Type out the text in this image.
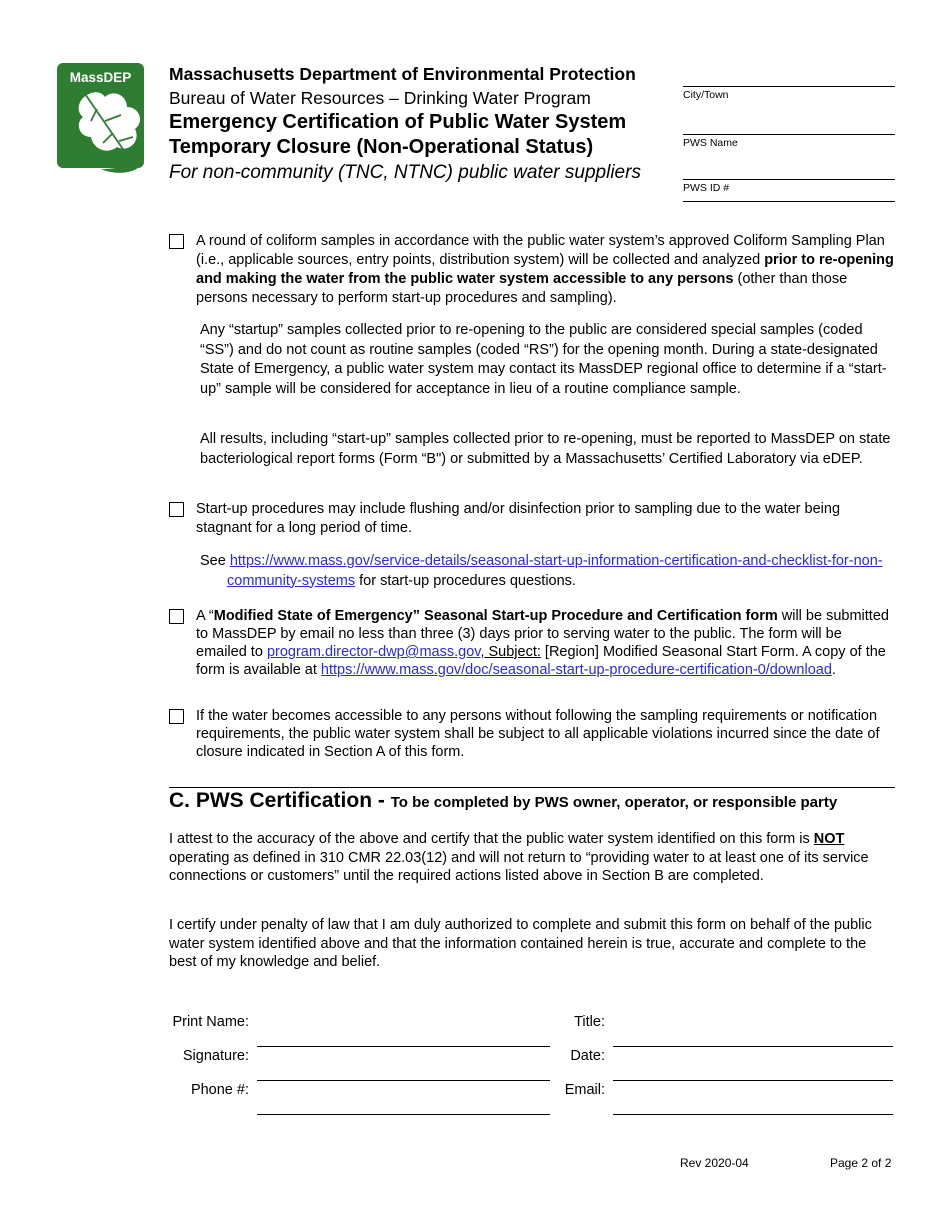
MassDEP Massachusetts Department of Environmental Protection
Bureau of Water Resources – Drinking Water Program
Emergency Certification of Public Water System
Temporary Closure (Non-Operational Status)
For non-community (TNC, NTNC) public water suppliers
City/Town
PWS Name
PWS ID #
A round of coliform samples in accordance with the public water system’s approved Coliform Sampling Plan (i.e., applicable sources, entry points, distribution system) will be collected and analyzed prior to re-opening and making the water from the public water system accessible to any persons (other than those persons necessary to perform start-up procedures and sampling).
Any “startup” samples collected prior to re-opening to the public are considered special samples (coded “SS”) and do not count as routine samples (coded “RS”) for the opening month. During a state-designated State of Emergency, a public water system may contact its MassDEP regional office to determine if a “start-up” sample will be considered for acceptance in lieu of a routine compliance sample.
All results, including “start-up” samples collected prior to re-opening, must be reported to MassDEP on state bacteriological report forms (Form “B") or submitted by a Massachusetts’ Certified Laboratory via eDEP.
Start-up procedures may include flushing and/or disinfection prior to sampling due to the water being stagnant for a long period of time.
See https://www.mass.gov/service-details/seasonal-start-up-information-certification-and-checklist-for-non-community-systems for start-up procedures questions.
A “Modified State of Emergency” Seasonal Start-up Procedure and Certification form will be submitted to MassDEP by email no less than three (3) days prior to serving water to the public. The form will be emailed to program.director-dwp@mass.gov, Subject: [Region] Modified Seasonal Start Form. A copy of the form is available at https://www.mass.gov/doc/seasonal-start-up-procedure-certification-0/download.
If the water becomes accessible to any persons without following the sampling requirements or notification requirements, the public water system shall be subject to all applicable violations incurred since the date of closure indicated in Section A of this form.
C. PWS Certification - To be completed by PWS owner, operator, or responsible party
I attest to the accuracy of the above and certify that the public water system identified on this form is NOT operating as defined in 310 CMR 22.03(12) and will not return to “providing water to at least one of its service connections or customers” until the required actions listed above in Section B are completed.
I certify under penalty of law that I am duly authorized to complete and submit this form on behalf of the public water system identified above and that the information contained herein is true, accurate and complete to the best of my knowledge and belief.
Print Name:	Title:
Signature:	Date:
Phone #:	Email:
Rev 2020-04	Page 2 of 2
